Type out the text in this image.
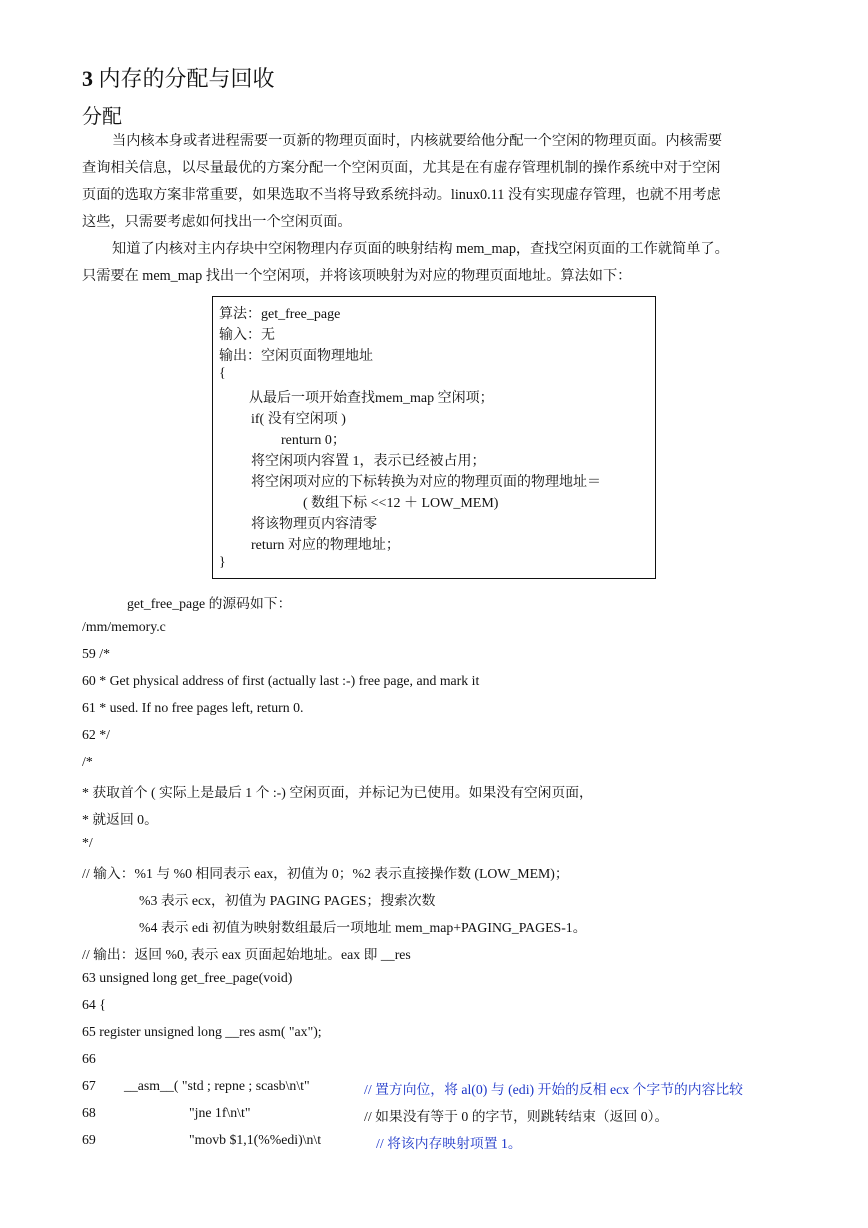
3 内存的分配与回收
分配
当内核本身或者进程需要一页新的物理页面时，内核就要给他分配一个空闲的物理页面。内核需要
查询相关信息，以尽量最优的方案分配一个空闲页面，尤其是在有虚存管理机制的操作系统中对于空闲
页面的选取方案非常重要，如果选取不当将导致系统抖动。linux0.11 没有实现虚存管理，也就不用考虑
这些，只需要考虑如何找出一个空闲页面。
知道了内核对主内存块中空闲物理内存页面的映射结构 mem_map，查找空闲页面的工作就简单了。
只需要在 mem_map 找出一个空闲项，并将该项映射为对应的物理页面地址。算法如下：
算法：get_free_page
输入：无
输出：空闲页面物理地址
{
从最后一项开始查找mem_map 空闲项；
if( 没有空闲项 )
renturn 0；
将空闲项内容置 1，表示已经被占用；
将空闲项对应的下标转换为对应的物理页面的物理地址＝
( 数组下标 <<12 ＋ LOW_MEM)
将该物理页内容清零
return 对应的物理地址；
}
get_free_page 的源码如下：
/mm/memory.c
59 /*
60 * Get physical address of first (actually last :-) free page, and mark it
61 * used. If no free pages left, return 0.
62 */
/*
* 获取首个 ( 实际上是最后 1 个 :-) 空闲页面，并标记为已使用。如果没有空闲页面，
* 就返回 0。
*/
// 输入：%1 与 %0 相同表示 eax，初值为 0；%2 表示直接操作数 (LOW_MEM)；
%3 表示 ecx，初值为 PAGING PAGES；搜索次数
%4 表示 edi 初值为映射数组最后一项地址 mem_map+PAGING_PAGES-1。
// 输出：返回 %0, 表示 eax 页面起始地址。eax 即 __res
63 unsigned long get_free_page(void)
64 {
65 register unsigned long __res asm( "ax");
66
67 __asm__( "std ; repne ; scasb\n\t"	// 置方向位，将 al(0) 与 (edi) 开始的反相 ecx 个字节的内容比较
68	"jne 1f\n\t"	// 如果没有等于 0 的字节，则跳转结束（返回 0）。
69	"movb $1,1(%%edi)\n\t	// 将该内存映射项置 1。
